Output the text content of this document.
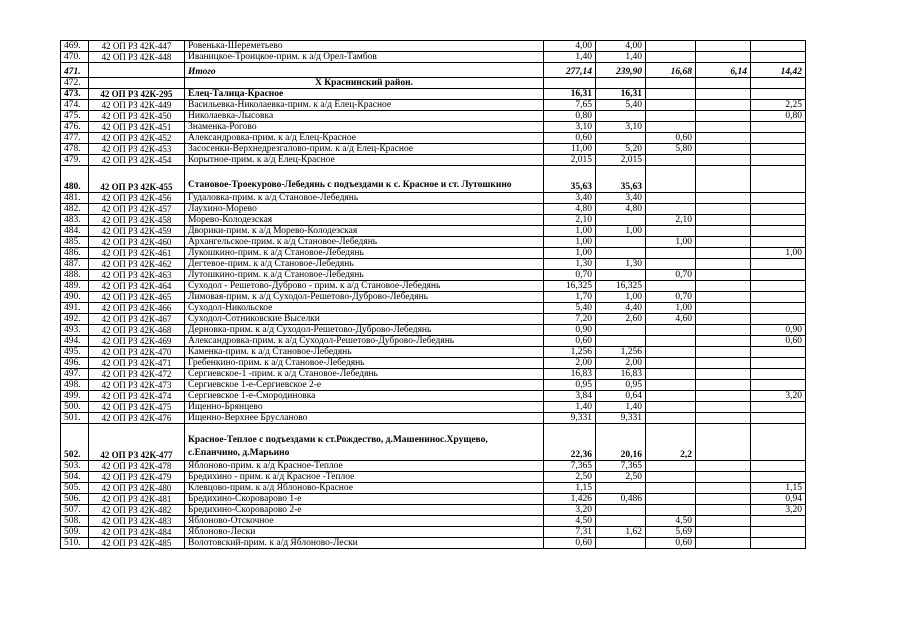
469.	42 ОП РЗ 42К-447	Ровенька-Шереметьево	4,00	4,00			
470.	42 ОП РЗ 42К-448	Иваницкое-Троицкое-прим. к а/д Орел-Тамбов	1,40	1,40			
471.		Итого	277,14	239,90	16,68	6,14	14,42
472.		X Краснинский район.					
473.	42 ОП РЗ 42К-295	Елец-Талица-Красное	16,31	16,31			
474.	42 ОП РЗ 42К-449	Васильевка-Николаевка-прим. к а/д Елец-Красное	7,65	5,40			2,25
475.	42 ОП РЗ 42К-450	Николаевка-Лысовка	0,80				0,80
476.	42 ОП РЗ 42К-451	Знаменка-Рогово	3,10	3,10			
477.	42 ОП РЗ 42К-452	Александровка-прим. к а/д Елец-Красное	0,60		0,60		
478.	42 ОП РЗ 42К-453	Засосенки-Верхнедрезгалово-прим. к а/д Елец-Красное	11,00	5,20	5,80		
479.	42 ОП РЗ 42К-454	Корытное-прим. к а/д Елец-Красное	2,015	2,015			
480.	42 ОП РЗ 42К-455	Становое-Троекурово-Лебедянь с подъездами к с. Красное и ст. Лутошкино	35,63	35,63			
481.	42 ОП РЗ 42К-456	Гудаловка-прим. к а/д Становое-Лебедянь	3,40	3,40			
482.	42 ОП РЗ 42К-457	Лаухино-Морево	4,80	4,80			
483.	42 ОП РЗ 42К-458	Морево-Колодезская	2,10		2,10		
484.	42 ОП РЗ 42К-459	Дворики-прим. к а/д Морево-Колодезская	1,00	1,00			
485.	42 ОП РЗ 42К-460	Архангельское-прим. к а/д Становое-Лебедянь	1,00		1,00		
486.	42 ОП РЗ 42К-461	Лукошкино-прим. к а/д Становое-Лебедянь	1,00				1,00
487.	42 ОП РЗ 42К-462	Дегтевое-прим. к а/д Становое-Лебедянь	1,30	1,30			
488.	42 ОП РЗ 42К-463	Лутошкино-прим. к а/д Становое-Лебедянь	0,70		0,70		
489.	42 ОП РЗ 42К-464	Суходол - Решетово-Дуброво - прим. к а/д Становое-Лебедянь	16,325	16,325			
490.	42 ОП РЗ 42К-465	Лимовая-прим. к а/д Суходол-Решетово-Дуброво-Лебедянь	1,70	1,00	0,70		
491.	42 ОП РЗ 42К-466	Суходол-Никольское	5,40	4,40	1,00		
492.	42 ОП РЗ 42К-467	Суходол-Сотниковские Выселки	7,20	2,60	4,60		
493.	42 ОП РЗ 42К-468	Дерновка-прим. к а/д Суходол-Решетово-Дуброво-Лебедянь	0,90				0,90
494.	42 ОП РЗ 42К-469	Александровка-прим. к а/д Суходол-Решетово-Дуброво-Лебедянь	0,60				0,60
495.	42 ОП РЗ 42К-470	Каменка-прим. к а/д Становое-Лебедянь	1,256	1,256			
496.	42 ОП РЗ 42К-471	Гребенкино-прим. к а/д Становое-Лебедянь	2,00	2,00			
497.	42 ОП РЗ 42К-472	Сергиевское-1 -прим. к а/д Становое-Лебедянь	16,83	16,83			
498.	42 ОП РЗ 42К-473	Сергиевское 1-е-Сергиевское 2-е	0,95	0,95			
499.	42 ОП РЗ 42К-474	Сергиевское 1-е-Смородиновка	3,84	0,64			3,20
500.	42 ОП РЗ 42К-475	Ищенно-Брянцево	1,40	1,40			
501.	42 ОП РЗ 42К-476	Ищенно-Верхнее Брусланово	9,331	9,331			
502.	42 ОП РЗ 42К-477	Красное-Теплое с подъездами к ст.Рождество, д.Машенинос.Хрущево, с.Епанчино, д.Марьино	22,36	20,16	2,2		
503.	42 ОП РЗ 42К-478	Яблоново-прим. к а/д Красное-Теплое	7,365	7,365			
504.	42 ОП РЗ 42К-479	Бредихино - прим. к а/д Красное -Теплое	2,50	2,50			
505.	42 ОП РЗ 42К-480	Клевцово-прим. к а/д Яблоново-Красное	1,15				1,15
506.	42 ОП РЗ 42К-481	Бредихино-Скороварово 1-е	1,426	0,486			0,94
507.	42 ОП РЗ 42К-482	Бредихино-Скороварово 2-е	3,20				3,20
508.	42 ОП РЗ 42К-483	Яблоново-Отскочное	4,50		4,50		
509.	42 ОП РЗ 42К-484	Яблоново-Лески	7,31	1,62	5,69		
510.	42 ОП РЗ 42К-485	Волотовский-прим. к а/д Яблоново-Лески	0,60		0,60		
